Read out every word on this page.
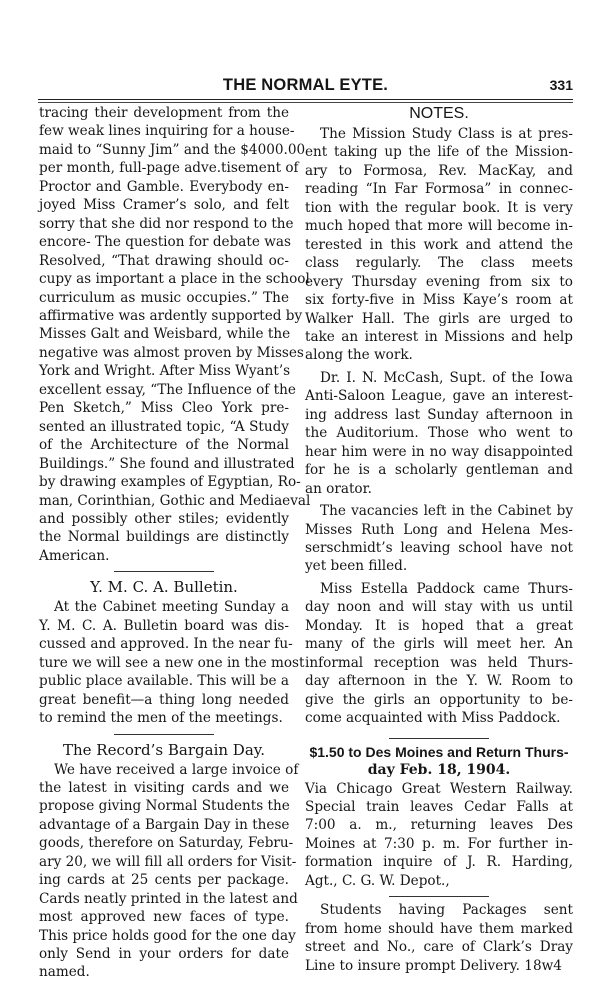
THE NORMAL EYTE.	331
tracing their development from the
few weak lines inquiring for a house-
maid to “Sunny Jim” and the $4000.00
per month, full-page adve.tisement of
Proctor and Gamble. Everybody en-
joyed Miss Cramer’s solo, and felt
sorry that she did nor respond to the
encore- The question for debate was
Resolved, “That drawing should oc-
cupy as important a place in the school
curriculum as music occupies.” The
affirmative was ardently supported by
Misses Galt and Weisbard, while the
negative was almost proven by Misses
York and Wright. After Miss Wyant’s
excellent essay, “The Influence of the
Pen Sketch,” Miss Cleo York pre-
sented an illustrated topic, “A Study
of the Architecture of the Normal
Buildings.” She found and illustrated
by drawing examples of Egyptian, Ro-
man, Corinthian, Gothic and Mediaeval
and possibly other stiles; evidently
the Normal buildings are distinctly
American.
Y. M. C. A. Bulletin.
At the Cabinet meeting Sunday a
Y. M. C. A. Bulletin board was dis-
cussed and approved. In the near fu-
ture we will see a new one in the most
public place available. This will be a
great benefit—a thing long needed
to remind the men of the meetings.
The Record’s Bargain Day.
We have received a large invoice of
the latest in visiting cards and we
propose giving Normal Students the
advantage of a Bargain Day in these
goods, therefore on Saturday, Febru-
ary 20, we will fill all orders for Visit-
ing cards at 25 cents per package.
Cards neatly printed in the latest and
most approved new faces of type.
This price holds good for the one day
only Send in your orders for date
named.
NOTES.
The Mission Study Class is at pres-
ent taking up the life of the Mission-
ary to Formosa, Rev. MacKay, and
reading “In Far Formosa” in connec-
tion with the regular book. It is very
much hoped that more will become in-
terested in this work and attend the
class regularly. The class meets
every Thursday evening from six to
six forty-five in Miss Kaye’s room at
Walker Hall. The girls are urged to
take an interest in Missions and help
along the work.
Dr. I. N. McCash, Supt. of the Iowa
Anti-Saloon League, gave an interest-
ing address last Sunday afternoon in
the Auditorium. Those who went to
hear him were in no way disappointed
for he is a scholarly gentleman and
an orator.
The vacancies left in the Cabinet by
Misses Ruth Long and Helena Mes-
serschmidt’s leaving school have not
yet been filled.
Miss Estella Paddock came Thurs-
day noon and will stay with us until
Monday. It is hoped that a great
many of the girls will meet her. An
informal reception was held Thurs-
day afternoon in the Y. W. Room to
give the girls an opportunity to be-
come acquainted with Miss Paddock.
$1.50 to Des Moines and Return Thurs-
day Feb. 18, 1904.
Via Chicago Great Western Railway.
Special train leaves Cedar Falls at
7:00 a. m., returning leaves Des
Moines at 7:30 p. m. For further in-
formation inquire of J. R. Harding,
Agt., C. G. W. Depot.,
Students having Packages sent
from home should have them marked
street and No., care of Clark’s Dray
Line to insure prompt Delivery. 18w4
